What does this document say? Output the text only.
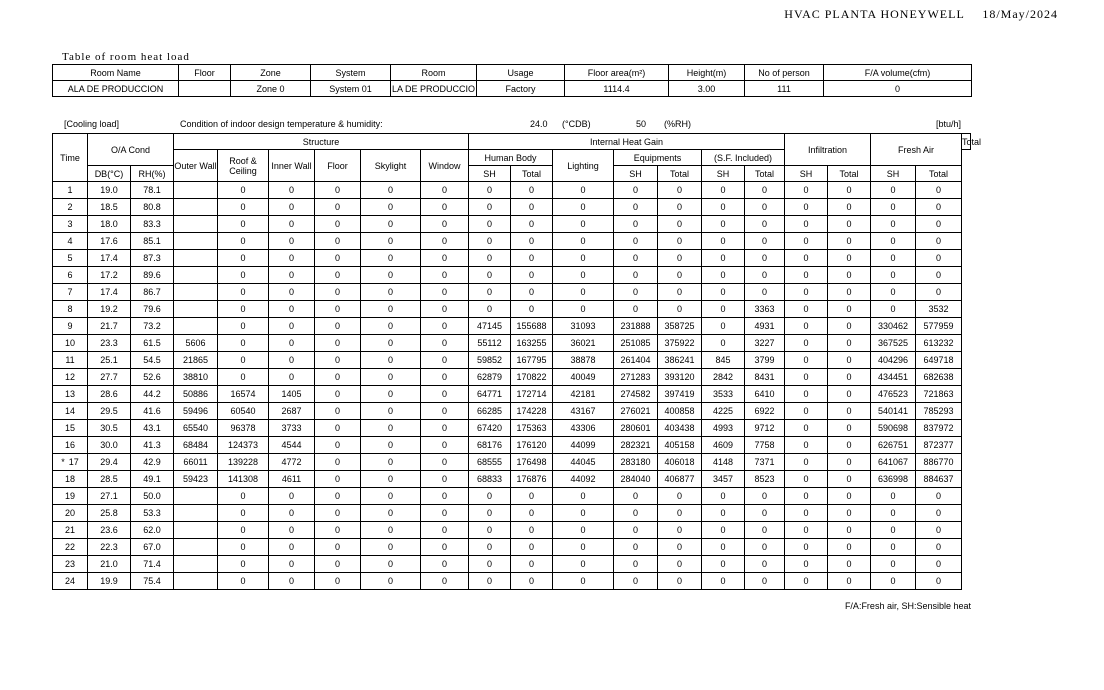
HVAC PLANTA HONEYWELL 18/May/2024
Table of room heat load
Room Name	Floor	Zone	System	Room	Usage	Floor area(m²)	Height(m)	No of person	F/A volume(cfm)
ALA DE PRODUCCION		Zone 0	System 01	LA DE PRODUCCIO	Factory	1114.4	3.00	111	0
[Cooling load]	Condition of indoor design temperature & humidity:	24.0 (°CDB)	50 (%RH)	[btu/h]
Time	O/A Cond		Structure						Internal Heat Gain							Infiltration		Fresh Air		Total
			Outer Wall	Roof & Ceiling	Inner Wall	Floor	Skylight	Window	Human Body		Lighting	Equipments		(S.F. Included)						
	DB(°C)	RH(%)							SH	Total		SH	Total	SH	Total	SH	Total	SH	Total	
1	19.0	78.1		0	0	0	0	0	0	0	0	0	0	0	0	0	0	0	0	
2	18.5	80.8		0	0	0	0	0	0	0	0	0	0	0	0	0	0	0	0	
3	18.0	83.3		0	0	0	0	0	0	0	0	0	0	0	0	0	0	0	0	
4	17.6	85.1		0	0	0	0	0	0	0	0	0	0	0	0	0	0	0	0	
5	17.4	87.3		0	0	0	0	0	0	0	0	0	0	0	0	0	0	0	0	
6	17.2	89.6		0	0	0	0	0	0	0	0	0	0	0	0	0	0	0	0	
7	17.4	86.7		0	0	0	0	0	0	0	0	0	0	0	0	0	0	0	0	
8	19.2	79.6		0	0	0	0	0	0	0	0	0	0	0	3363	0	0	0	3532	
9	21.7	73.2		0	0	0	0	0	47145	155688	31093	231888	358725	0	4931	0	0	330462	577959	
10	23.3	61.5	5606	0	0	0	0	0	55112	163255	36021	251085	375922	0	3227	0	0	367525	613232	
11	25.1	54.5	21865	0	0	0	0	0	59852	167795	38878	261404	386241	845	3799	0	0	404296	649718	
12	27.7	52.6	38810	0	0	0	0	0	62879	170822	40049	271283	393120	2842	8431	0	0	434451	682638	
13	28.6	44.2	50886	16574	1405	0	0	0	64771	172714	42181	274582	397419	3533	6410	0	0	476523	721863	
14	29.5	41.6	59496	60540	2687	0	0	0	66285	174228	43167	276021	400858	4225	6922	0	0	540141	785293	
15	30.5	43.1	65540	96378	3733	0	0	0	67420	175363	43306	280601	403438	4993	9712	0	0	590698	837972	
16	30.0	41.3	68484	124373	4544	0	0	0	68176	176120	44099	282321	405158	4609	7758	0	0	626751	872377	
* 17	29.4	42.9	66011	139228	4772	0	0	0	68555	176498	44045	283180	406018	4148	7371	0	0	641067	886770	
18	28.5	49.1	59423	141308	4611	0	0	0	68833	176876	44092	284040	406877	3457	8523	0	0	636998	884637	
19	27.1	50.0		0	0	0	0	0	0	0	0	0	0	0	0	0	0	0	0	
20	25.8	53.3		0	0	0	0	0	0	0	0	0	0	0	0	0	0	0	0	
21	23.6	62.0		0	0	0	0	0	0	0	0	0	0	0	0	0	0	0	0	
22	22.3	67.0		0	0	0	0	0	0	0	0	0	0	0	0	0	0	0	0	
23	21.0	71.4		0	0	0	0	0	0	0	0	0	0	0	0	0	0	0	0	
24	19.9	75.4		0	0	0	0	0	0	0	0	0	0	0	0	0	0	0	0	
F/A:Fresh air, SH:Sensible heat
